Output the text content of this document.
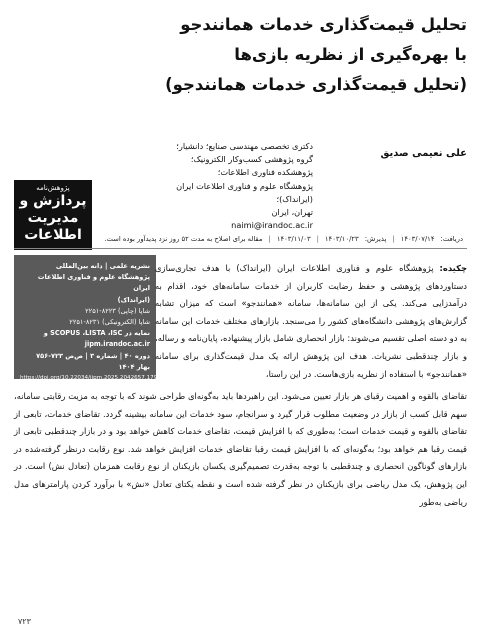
تحلیل قیمت‌گذاری خدمات همانندجو
با بهره‌گیری از نظریه بازی‌ها
(تحلیل قیمت‌گذاری خدمات همانندجو)
علی نعیمی صدیق
دکتری تخصصی مهندسی صنایع؛ دانشیار؛
گروه پژوهشی کسب‌و‌کار الکترونیک؛
پژوهشکده فناوری اطلاعات؛
پژوهشگاه علوم و فناوری اطلاعات ایران (ایرانداک)؛
تهران، ایران
naimi@irandoc.ac.ir
پژوهش‌نامه
پردازش و
مدیریت
اطلاعات	دریافت:
۱۴۰۳/۰۷/۱۴
|
پذیرش:
۱۴۰۳/۱۰/۲۳
|
۱۴۰۳/۱۱/۰۳
|
مقاله برای اصلاح به مدت ۵۲ روز نزد پدیدآور بوده است.
نشریه علمی | دانه بین‌المللی
پژوهشگاه علوم و فناوری اطلاعات ایران
(ایرانداک)
شاپا (چاپی) ۸۲۲۳-۲۲۵۱
شاپا (الکترونیکی) ۸۲۳۱-۲۲۵۱
نمایه در SCOPUS ،LISTA ،ISC و
jipm.irandoc.ac.ir
دوره ۴۰ | شماره ۳ | ص‌ص ۷۲۳-۷۵۶
بهار ۱۴۰۴
https://doi.org/10.22034/jipm.2025.2042657.1794
چکیده: پژوهشگاه علوم و فناوری اطلاعات ایران (ایرانداک) با هدف تجاری‌سازی دستاوردهای پژوهشی و حفظ رضایت کاربران از خدمات سامانه‌های خود، اقدام به درآمدزایی می‌کند. یکی از این سامانه‌ها، سامانه «همانندجو» است که میزان تشابه گزارش‌های پژوهشی دانشگاه‌های کشور را می‌سنجد. بازارهای مختلف خدمات این سامانه به دو دسته اصلی تقسیم می‌شوند: بازار انحصاری شامل بازار پیشنهاده، پایان‌نامه و رساله، و بازار چندقطبی نشریات. هدف این پژوهش ارائه یک مدل قیمت‌گذاری برای سامانه «همانندجو» با استفاده از نظریه بازی‌هاست. در این راستا،
تقاضای بالقوه و اهمیت رقبای هر بازار تعیین می‌شود. این راهبردها باید به‌گونه‌ای طراحی شوند که با توجه به مزیت رقابتی سامانه، سهم قابل کسب از بازار در وضعیت مطلوب قرار گیرد و سرانجام، سود خدمات این سامانه بیشینه گردد. تقاضای خدمات، تابعی از تقاضای بالقوه و قیمت خدمات است؛ به‌طوری که با افزایش قیمت، تقاضای خدمات کاهش خواهد بود و در بازار چندقطبی تابعی از قیمت رقبا هم خواهد بود؛ به‌گونه‌ای که با افزایش قیمت رقبا تقاضای خدمات افزایش خواهد شد. نوع رقابت درنظر گرفته‌شده در بازارهای گوناگون انحصاری و چندقطبی با توجه به‌قدرت تصمیم‌گیری یکسان بازیکنان از نوع رقابت همزمان (تعادل نش) است. در این پژوهش، یک مدل ریاضی برای بازیکنان در نظر گرفته شده است و نقطه یکتای تعادل «نش» با برآورد کردن پارامترهای مدل ریاضی به‌طور
۷۲۳
